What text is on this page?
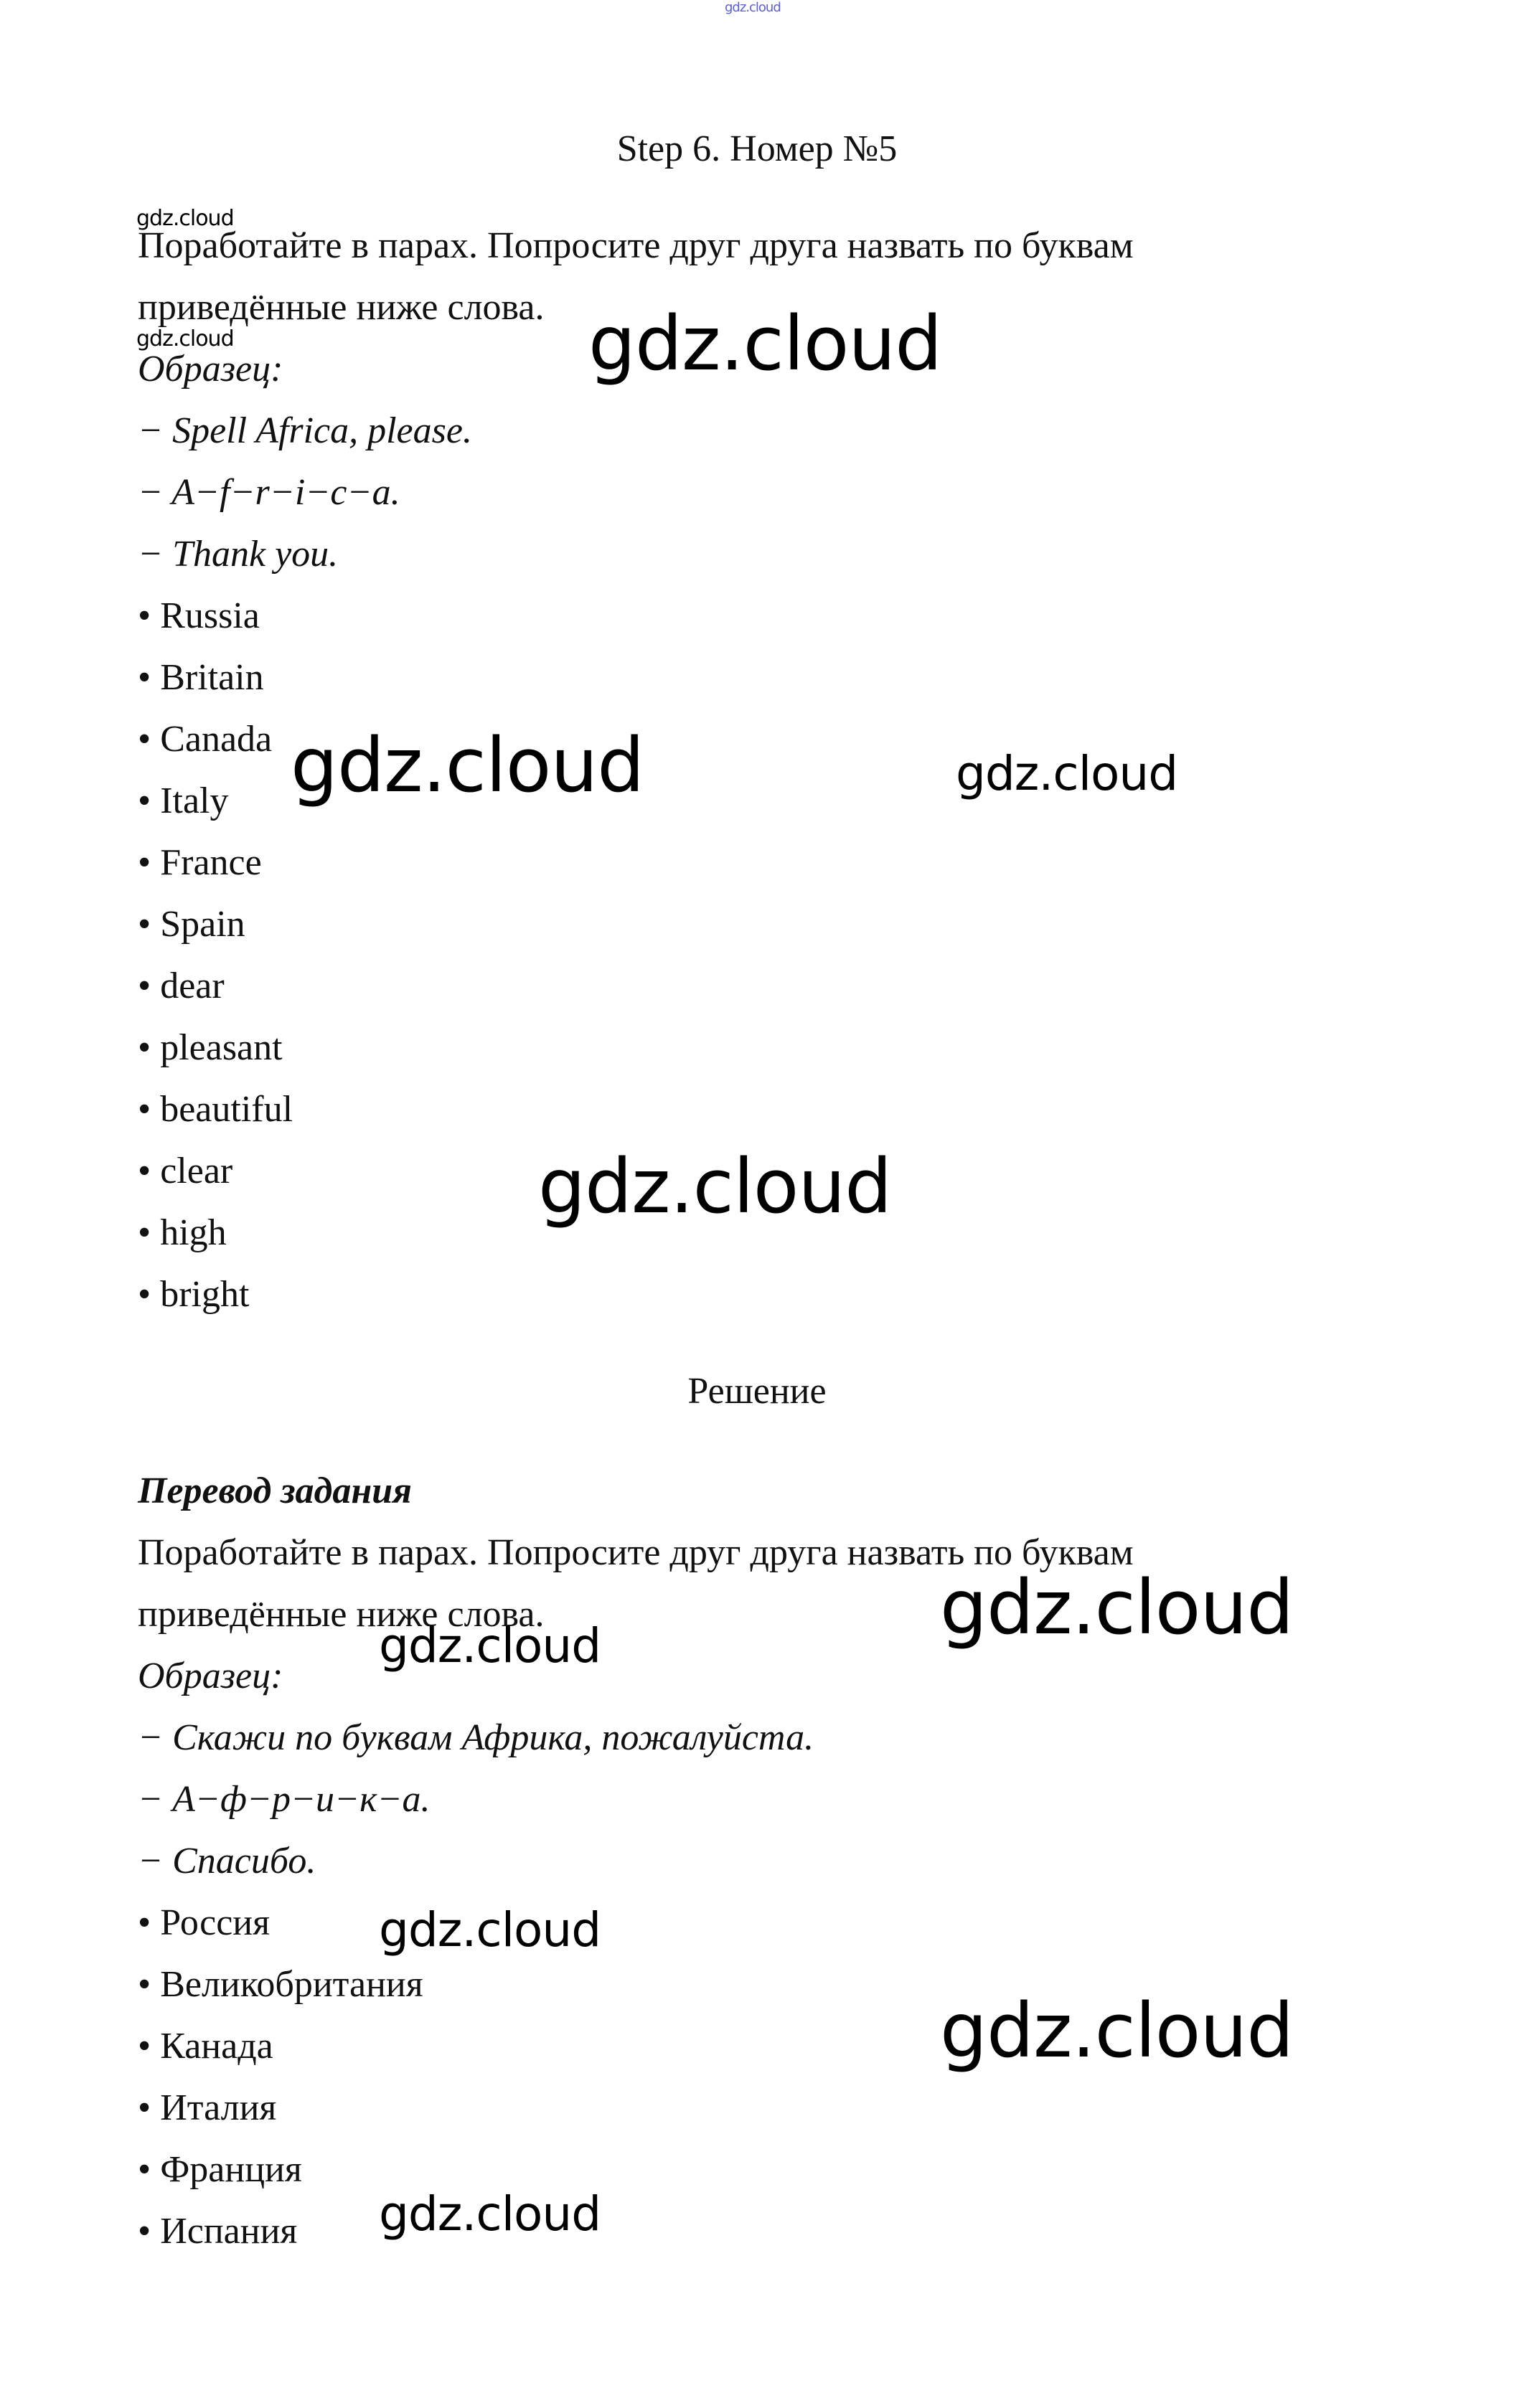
gdz.cloud
Step 6. Номер №5
gdz.cloud
Поработайте в парах. Попросите друг друга назвать по буквам
приведённые ниже слова.
gdz.cloud	gdz.cloud
Образец:
− Spell Africa, please.
− A−f−r−i−c−a.
− Thank you.
• Russia
• Britain
• Canada
• Italy
• France
• Spain
• dear
• pleasant
• beautiful
• clear
• high
• bright
gdz.cloud	gdz.cloud
gdz.cloud
Решение
Перевод задания
Поработайте в парах. Попросите друг друга назвать по буквам
приведённые ниже слова.	gdz.cloud
gdz.cloud
Образец:
− Скажи по буквам Африка, пожалуйста.
− А−ф−р−и−к−а.
− Спасибо.
• Россия
• Великобритания
• Канада
• Италия
• Франция
• Испания
gdz.cloud
gdz.cloud
gdz.cloud
